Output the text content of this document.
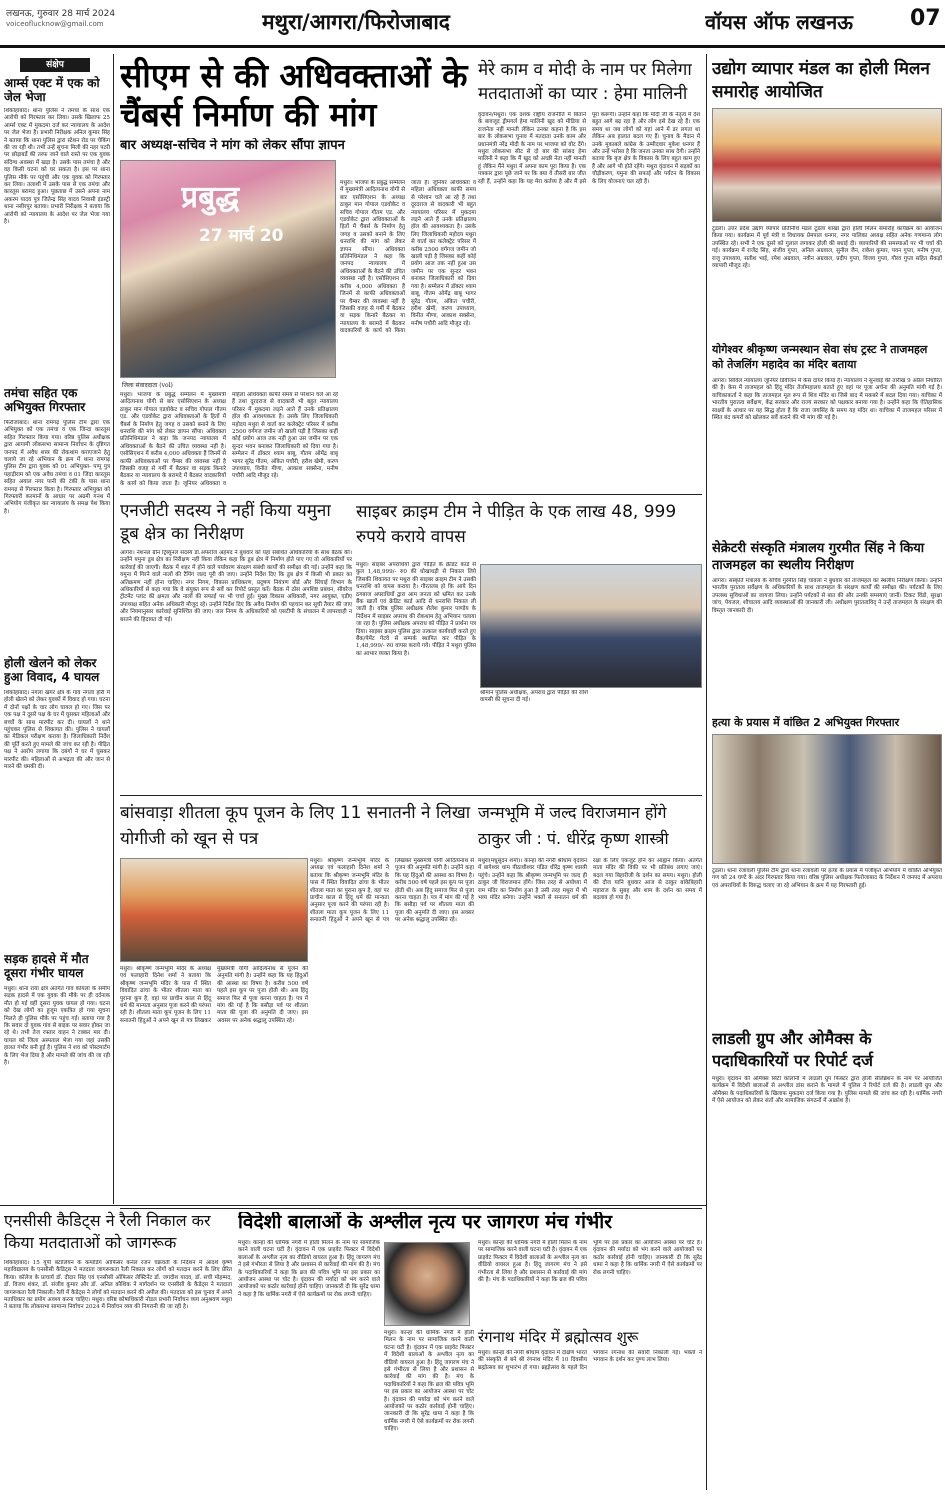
लखनऊ, गुरुवार 28 मार्च 2024
voiceoflucknow@gmail.com	मथुरा/आगरा/फिरोजाबाद	वॉयस ऑफ लखनऊ	07
संक्षेप
आर्म्स एक्ट में एक को जेल भेजा
शिकोहाबाद। थाना पुलिस ने तमंचा के साथ एक आरोपी को गिरफ्तार कर लिया। उसके खिलाफ 25 आर्म्स एक्ट में मुकदमा दर्ज कर न्यायालय के आदेश पर जेल भेजा है। प्रभारी निरीक्षक अनिल कुमार सिंह ने बताया कि थाना पुलिस द्वारा स्टेशन रोड पर चेकिंग की जा रही थी। तभी उन्हें सूचना मिली की नहर पटरी पर छोड़ाबर्डे की तरफ जाने वाले रास्ते पर एक युवक संदिग्ध अवस्था में खड़ा है। उसके पास तमंचा है और वह किसी घटना को घर सकता है। इस पर थाना पुलिस मौके पर पहुंची और एक युवक को गिरफ्तार कर लिया। तलाशी में उसके पास से एक तमंचा और कारतूस बरामद हुआ। पूछताछ में उसने अपना नाम अकरम यादव पुत्र जितेन्द्र सिंह यादव निवासी इंडस्ट्री थाना नसीरपुर बताया। प्रभारी निरीक्षक ने बताया कि आरोपी को न्यायालय के आदेश पर जेल भेजा गया है।
तमंचा सहित एक अभियुक्त गिरफ्तार
फिरोजाबाद। थाना रामगढ़ पुलिस टीम द्वारा एक अभियुक्त को एक तमंचा व एक जिन्दा कारतूस सहित गिरफ्तार किया गया। वरिष्ठ पुलिस अधीक्षक द्वारा आगामी लोकसभा सामान्य निर्वाचन के दृष्टिगत जनपद में अवैध शस्त्र की रोकथाम कराएजाने हेतु चलाये जा रहे अभियान के क्रम में थाना रामगढ़ पुलिस टीम द्वारा युवक को 01 अभियुक्त- पप्पू पुत्र पहाड़ीराम को एक अवैध तमंचा व 01 जिंदा कारतूस सहित अयाल नगर पानी की टंकी के पास थाना रामगढ़ से गिरफ्तार किया है। गिरफ्तार अभियुक्त को गिरफ्तारी करमानों के आधार पर अग्रमी गनथ में अभियोग पंजीकृत कर न्यायालय के समक्ष पेश किया है।
होली खेलने को लेकर हुआ विवाद, 4 घायल
शिकोहाबाद। नगला खंगर क्षेत्र के गांव नगला होरी में होली खेलने को लेकर युवकों में विवाद हो गया। घटना में दोनों पक्षों के चार लोग घायल हो गए। जिस पर एक पक्ष ने दूसरे पक्ष के घर में घुसकर महिलाओं और बच्चों के साथ मारपीट कर दी। घायलों ने थाने पहुंचकर पुलिस से शिकायत की। पुलिस ने घायलों का मेडिकल परीक्षण कराया है। जिलाधिकारी निर्देश की पूर्ति करते हुए मामले की जांच कर रही है। पीड़ित पक्ष ने आरोप लगाया कि दबंगों ने घर में घुसकर मारपीट की। महिलाओं से अभद्रता की और जान से मारने की धमकी दी।
सड़क हादसे में मौत दूसरा गंभीर घायल
मथुरा। थाना राया क्षेत्र अंतर्गत गांव कोयला के समीप सड़क हादसे में एक युवक की मौके पर ही दर्दनाक मौत हो गई वहीं दूसरा युवक घायल हो गया। घटना को देख लोगों का हुजूम एकत्रित हो गया सूचना मिलते ही पुलिस मौके पर पहुंच गई। बताया गया है कि सवार दो युवक गांव से बाइक पर सवार होकर जा रहे थे। तभी तेज रफ्तार वाहन ने टक्कर मार दी। घायल को जिला अस्पताल भेजा गया जहां उसकी हालत गंभीर बनी हुई है। पुलिस ने शव को पोस्टमार्टम के लिए भेज दिया है और मामले की जांच की जा रही है।
सीएम से की अधिवक्ताओं के चैंबर्स निर्माण की मांग
बार अध्यक्ष-सचिव ने मांग को लेकर सौंपा ज्ञापन
प्रबुद्ध
27 मार्च 20
जिला संवाददाता (vol)
मथुरा। भाजपा के प्रबुद्ध सम्मेलन में मुख्यमंत्री आदित्यनाथ योगी से बार एसोसिएशन के अध्यक्ष ठाकुर मान गोपाल एडवोकेट व सचिव गोपाल गौतम एड. और एडवोकेट द्वारा अधिवक्ताओं के हितों में चैंबर्स के निर्माण हेतु जगह व उसको बनाने के लिए धनराशि की मांग को लेकर ज्ञापन सौंपा। अधिवक्ता प्रतिनिधिमंडल ने कहा कि जनपद न्यायालय में अधिवक्ताओं के बैठने की उचित व्यवस्था नहीं है। एसोसिएशन में करीब 4,000 अधिवक्ता हैं जिनमें से काफी अधिवक्ताओं पर चैम्बर की व्यवस्था नहीं है जिसकी वजह से गर्मी में बैठकर वा सड़क किनारे बैठकर या न्यायालय के बरामदे में बैठकर वादकारियों के कार्य को किया जाता है। जूनियर अधिवक्ता व महिला अधिवक्ता काफी समय से परेशान चले आ रहे हैं तथा दूरदराज से वादकारी भी बहुत न्यायालय परिसर में मुकदमा लड़ने आते हैं उनके प्रतिक्षालय हॉल की आवश्यकता है। उसके लिए जिलाधिकारी महोदय मथुरा से वार्ता कर कलेक्ट्रेट परिसर में करीब 2500 वर्गगज जमीन जो खाली पड़ी है जिसका कहीं कोई प्रयोग आज तक नहीं हुआ उस जमीन पर एक सुन्दर भवन बनाकर जिलाधिकारी को दिया गया है। सम्मेलन में डॉक्टर श्याम बाबू, गौतम ओमेंद्र बाबू भागर सुरेंद्र गौतम, अंकित पचौरी, हरीश खेमी, करण उपाध्याय, विनीत मीणा, आकाश सक्सेना, मनीष पचौरी आदि मौजूद रहे।
मथुरा। भाजपा के प्रबुद्ध सम्मेलन में मुख्यमंत्री आदित्यनाथ योगी से बार एसोसिएशन के अध्यक्ष ठाकुर मान गोपाल एडवोकेट व सचिव गोपाल गौतम एड. और एडवोकेट द्वारा अधिवक्ताओं के हितों में चैंबर्स के निर्माण हेतु जगह व उसको बनाने के लिए धनराशि की मांग को लेकर ज्ञापन सौंपा। अधिवक्ता प्रतिनिधिमंडल ने कहा कि जनपद न्यायालय में अधिवक्ताओं के बैठने की उचित व्यवस्था नहीं है। एसोसिएशन में करीब 4,000 अधिवक्ता हैं जिनमें से काफी अधिवक्ताओं पर चैम्बर की व्यवस्था नहीं है जिसकी वजह से गर्मी में बैठकर वा सड़क किनारे बैठकर या न्यायालय के बरामदे में बैठकर वादकारियों के कार्य को किया जाता है। जूनियर अधिवक्ता व महिला अधिवक्ता काफी समय से परेशान चले आ रहे हैं तथा दूरदराज से वादकारी भी बहुत न्यायालय परिसर में मुकदमा लड़ने आते हैं उनके प्रतिक्षालय हॉल की आवश्यकता है। उसके लिए जिलाधिकारी महोदय मथुरा से वार्ता कर कलेक्ट्रेट परिसर में करीब 2500 वर्गगज जमीन जो खाली पड़ी है जिसका कहीं कोई प्रयोग आज तक नहीं हुआ उस जमीन पर एक सुन्दर भवन बनाकर जिलाधिकारी को दिया गया है। सम्मेलन में डॉक्टर श्याम बाबू, गौतम ओमेंद्र बाबू भागर सुरेंद्र गौतम, अंकित पचौरी, हरीश खेमी, करण उपाध्याय, विनीत मीणा, आकाश सक्सेना, मनीष पचौरी आदि मौजूद रहे।
मेरे काम व मोदी के नाम पर मिलेगा मतदाताओं का प्यार : हेमा मालिनी
वृंदावन/मथुरा। एक दशक राष्ट्रीय राजनीति में बिताने के बावजूद ड्रीमगर्ल हेमा मालिनी खुद को मीडिया से राजनेता नहीं मानती लेकिन उनका कहना है कि इस बार के लोकसभा चुनाव में मतदाता उनके काम और प्रधानमंत्री नरेंद्र मोदी के नाम पर भाजपा को वोट देंगे। मथुरा लोकसभा सीट से दो बार की सांसद हेमा मालिनी ने कहा कि मैं खुद को अच्छी नेता नहीं मानती हूं लेकिन मैंने मथुरा में अपना काम पूरा किया है। एक पत्रकार द्वारा पूछे जाने पर कि क्या वे तीसरी बार जीत रही हैं, उन्होंने कहा कि यह मेरा कर्तव्य है और मैं इसे पूरा करूंगी। उन्होंने कहा कि मोदी जी के नेतृत्व में देश बहुत आगे बढ़ रहा है और लोग इसे देख रहे हैं। एक समय था जब लोगों को यहां आने में डर लगता था लेकिन अब हालात बदल गए हैं। चुनाव के मैदान में उनके मुकाबले कांग्रेस के उम्मीदवार मुकेश धनगर हैं और उन्हें भरोसा है कि जनता उनका साथ देगी। उन्होंने बताया कि बृज क्षेत्र के विकास के लिए बहुत काम हुए हैं और आगे भी होते रहेंगे। मथुरा वृंदावन में सड़कों का चौड़ीकरण, यमुना की सफाई और पर्यटन के विकास के लिए योजनाएं चल रही हैं।
एनजीटी सदस्य ने नहीं किया यमुना डूब क्षेत्र का निरीक्षण
आगरा। नेशनल ग्रीन ट्रिब्यूनल सदस्य डॉ.अफरोज अहमद ने बुधवार को यहां संबंधित अधिकारियों के साथ बैठक की। उन्होंने यमुना डूब क्षेत्र का निरीक्षण नहीं किया लेकिन कहा कि डूब क्षेत्र में निर्माण होते पाए गए तो अधिकारियों पर कार्रवाई की जाएगी। बैठक में शहर में होने वाले पर्यावरण संरक्षण संबंधी कार्यों की समीक्षा की गई। उन्होंने कहा कि यमुना में गिरने वाले नालों की टैपिंग जल्द पूरी की जाए। उन्होंने निर्देश दिए कि डूब क्षेत्र में किसी भी प्रकार का अतिक्रमण नहीं होना चाहिए। नगर निगम, विकास प्राधिकरण, प्रदूषण नियंत्रण बोर्ड और सिंचाई विभाग के अधिकारियों से कहा गया कि वे संयुक्त रूप से सर्वे कर रिपोर्ट प्रस्तुत करें। बैठक में ठोस अपशिष्ट प्रबंधन, सीवरेज ट्रीटमेंट प्लांट की क्षमता और नालों की सफाई पर भी चर्चा हुई। मुख्य विकास अधिकारी, नगर आयुक्त, एडीए उपाध्यक्ष सहित अनेक अधिकारी मौजूद रहे। उन्होंने निर्देश दिए कि अवैध निर्माण की पहचान कर सूची तैयार की जाए और नियमानुसार कार्रवाई सुनिश्चित की जाए। जल निगम के अधिकारियों को एसटीपी के संचालन में लापरवाही न बरतने की हिदायत दी गई।
साइबर क्राइम टीम ने पीड़ित के एक लाख 48, 999 रुपये कराये वापस
मथुरा। साइबर अपराधियों द्वारा पीड़ित के क्रेडिट कार्ड से कुल 1,48,999/- रु0 की धोखाधड़ी से निकाल लिये जिसकी शिकायत पर मथुरा की साइबर क्राइम टीम ने उसकी धनराशि को वापस कराया है। गौरतलब हो कि आये दिन ठगबाज अपराधियों द्वारा आम जनता को भ्रमित कर उनके बैंक खातों एवं क्रेडिट कार्ड आदि से धनराशि निकाल ली जाती है। वरिष्ठ पुलिस अधीक्षक शैलेश कुमार पाण्डेय के निर्देशन में साइबर अपराध की रोकथाम हेतु अभियान चलाया जा रहा है। पुलिस अधीक्षक अपराध को पीड़ित ने प्रार्थना पत्र दिया। साइबर क्राइम पुलिस द्वारा तत्काल कार्यवाही करते हुए बैंक/पेमेंट गेटवे से सम्पर्क स्थापित कर पीड़ित के 1,48,999/- रु0 वापस कराये गये। पीड़ित ने मथुरा पुलिस का आभार व्यक्त किया है।
श्रीमान पुलिस अधीक्षक, अपराध द्वारा पीड़ित की राशि वापसी की सूचना दी गई।
बांसवाड़ा शीतला कूप पूजन के लिए 11 सनातनी ने लिखा योगीजी को खून से पत्र
मथुरा। श्रीकृष्ण जन्मभूमि मंदिर के अध्यक्ष एवं फलाहारी दिनेश शर्मा ने बताया कि श्रीकृष्ण जन्मभूमि मंदिर के पास में स्थित विवादित ढांचा के भीतर शीतला माता का पुराना कूप है, वहां पर प्राचीन काल से हिंदू धर्म की मान्यता अनुसार पूजा करने की परंपरा रही है। शीतला माता कूप पूजन के लिए 11 सनातनी हिंदुओं ने अपने खून से पत्र लिखकर मुख्यमंत्री योगी आदित्यनाथ से पूजन की अनुमति मांगी है। उन्होंने कहा कि यह हिंदुओं की आस्था का विषय है। करीब 500 वर्ष पहले इस कूप पर पूजा होती थी। अब हिंदू समाज फिर से पूजा करना चाहता है। पत्र में मांग की गई है कि बसौड़ा पर्व पर शीतला माता की पूजा की अनुमति दी जाए। इस अवसर पर अनेक श्रद्धालु उपस्थित रहे।
मथुरा। श्रीकृष्ण जन्मभूमि मंदिर के अध्यक्ष एवं फलाहारी दिनेश शर्मा ने बताया कि श्रीकृष्ण जन्मभूमि मंदिर के पास में स्थित विवादित ढांचा के भीतर शीतला माता का पुराना कूप है, वहां पर प्राचीन काल से हिंदू धर्म की मान्यता अनुसार पूजा करने की परंपरा रही है। शीतला माता कूप पूजन के लिए 11 सनातनी हिंदुओं ने अपने खून से पत्र लिखकर मुख्यमंत्री योगी आदित्यनाथ से पूजन की अनुमति मांगी है। उन्होंने कहा कि यह हिंदुओं की आस्था का विषय है। करीब 500 वर्ष पहले इस कूप पर पूजा होती थी। अब हिंदू समाज फिर से पूजा करना चाहता है। पत्र में मांग की गई है कि बसौड़ा पर्व पर शीतला माता की पूजा की अनुमति दी जाए। इस अवसर पर अनेक श्रद्धालु उपस्थित रहे।
जन्मभूमि में जल्द विराजमान होंगे ठाकुर जी : पं. धीरेंद्र कृष्ण शास्त्री
मथुरा(मधुसूदन शर्मा)। कान्हा की नगरी श्रीधाम वृंदावन में बागेश्वर धाम पीठाधीश्वर पंडित धीरेंद्र कृष्ण शास्त्री पहुंचे। उन्होंने कहा कि श्रीकृष्ण जन्मभूमि पर जल्द ही ठाकुर जी विराजमान होंगे। जिस तरह से अयोध्या में राम मंदिर का निर्माण हुआ है उसी तरह मथुरा में भी भव्य मंदिर बनेगा। उन्होंने भक्तों से सनातन धर्म की रक्षा के लिए एकजुट होने का आह्वान किया। अंतर्गत माता मंदिर की विकी पर भी प्रतिबंध लगाए जाएं। बदल गया बिहारीजी के दर्शन का समय। मथुरा। होली की दौज यानि बुधवार आज से ठाकुर बांकेबिहारी महाराज के सुबह और शाम के दर्शन का समय में बदलाव हो गया है।
एनसीसी कैडिट्स ने रैली निकाल कर किया मतदाताओं को जागरूक
शिकोहाबाद। 15 यूपी बटालियन के कमांडिंग ऑफिसर कर्नल रंजन चक्रवर्ती के निर्देशन में आदर्श कृष्ण महाविद्यालय के एनसीसी कैडिट्स ने मतदाता जागरूकता रैली निकाल कर लोगों को मतदान करने के लिए प्रेरित किया। कॉलेज के प्राचार्य डॉ. दीदार सिंह एवं एनसीसी ऑफिसर लेफ्टिनेंट डॉ. जगदीश यादव, डॉ. सची मोहम्मद, डॉ. विजय शंकर, डॉ. संजीव कुमार और डॉ. अनिल कौशिक ने मार्गदर्शन पर एनसीसी के कैडेट्स ने मतदाता जागरूकता रैली निकाली। रैली में कैडेट्स ने लोगों को मतदान करने की अपील की। मतदाता को इस चुनाव में अपने मताधिकार का प्रयोग अवश्य करना चाहिए। मथुरा। वरिष्ठ कोषाधिकारी नोडल प्रभारी निर्वाचन व्यय अनुश्रवण मथुरा ने बताया कि लोकसभा सामान्य निर्वाचन 2024 में निर्वाचन व्यय की निगरानी की जा रही है।
विदेशी बालाओं के अश्लील नृत्य पर जागरण मंच गंभीर
मथुरा। कान्हा की धार्मिक नगरी में होली मिलन के नाम पर सामाजिक करने वाली घटना घटी है। वृंदावन में एक प्राइवेट फिक्टर में विदेशी बालाओं के अश्लील नृत्य का वीडियो वायरल हुआ है। हिंदू जागरण मंच ने इसे गंभीरता से लिया है और प्रशासन से कार्रवाई की मांग की है। मंच के पदाधिकारियों ने कहा कि ब्रज की पवित्र भूमि पर इस प्रकार का आयोजन आस्था पर चोट है। वृंदावन की मर्यादा को भंग करने वाले आयोजकों पर कठोर कार्रवाई होनी चाहिए। जानकारी दी कि सुरेंद्र धामा ने कहा है कि धार्मिक नगरी में ऐसे कार्यक्रमों पर रोक लगनी चाहिए।
मथुरा। कान्हा की धार्मिक नगरी में होली मिलन के नाम पर सामाजिक करने वाली घटना घटी है। वृंदावन में एक प्राइवेट फिक्टर में विदेशी बालाओं के अश्लील नृत्य का वीडियो वायरल हुआ है। हिंदू जागरण मंच ने इसे गंभीरता से लिया है और प्रशासन से कार्रवाई की मांग की है। मंच के पदाधिकारियों ने कहा कि ब्रज की पवित्र भूमि पर इस प्रकार का आयोजन आस्था पर चोट है। वृंदावन की मर्यादा को भंग करने वाले आयोजकों पर कठोर कार्रवाई होनी चाहिए। जानकारी दी कि सुरेंद्र धामा ने कहा है कि धार्मिक नगरी में ऐसे कार्यक्रमों पर रोक लगनी चाहिए।
मथुरा। कान्हा की धार्मिक नगरी में होली मिलन के नाम पर सामाजिक करने वाली घटना घटी है। वृंदावन में एक प्राइवेट फिक्टर में विदेशी बालाओं के अश्लील नृत्य का वीडियो वायरल हुआ है। हिंदू जागरण मंच ने इसे गंभीरता से लिया है और प्रशासन से कार्रवाई की मांग की है। मंच के पदाधिकारियों ने कहा कि ब्रज की पवित्र भूमि पर इस प्रकार का आयोजन आस्था पर चोट है। वृंदावन की मर्यादा को भंग करने वाले आयोजकों पर कठोर कार्रवाई होनी चाहिए। जानकारी दी कि सुरेंद्र धामा ने कहा है कि धार्मिक नगरी में ऐसे कार्यक्रमों पर रोक लगनी चाहिए।
रंगनाथ मंदिर में ब्रह्मोत्सव शुरू
मथुरा। कान्हा की नगरी श्रीधाम वृंदावन में दक्षिण भारत की संस्कृति से बने श्री रंगनाथ मंदिर में 10 दिवसीय ब्रह्मोत्सव का शुभारंभ हो गया। ब्रह्मोत्सव के पहले दिन भगवान रंगनाथ की सवारी निकाली गई। भक्तों ने भगवान के दर्शन कर पुण्य लाभ लिया।
उद्योग व्यापार मंडल का होली मिलन समारोह आयोजित
टूंडला। उत्तर प्रदेश उद्योग व्यापार प्रतिनिधि मंडल टूंडला शाखा द्वारा होली मिलन समारोह कार्यक्रम का आयोजन किया गया। कार्यक्रम में पूर्व मंत्री व विधायक प्रेमपाल धनगर, नगर पालिका अध्यक्ष सहित अनेक गणमान्य लोग उपस्थित रहे। सभी ने एक दूसरे को गुलाल लगाकर होली की बधाई दी। व्यापारियों की समस्याओं पर भी चर्चा की गई। कार्यक्रम में राजेंद्र सिंह, संजीव गुप्ता, अनिल अग्रवाल, सुनील जैन, राकेश कुमार, पवन गुप्ता, मनीष गुप्ता, राजू उपाध्याय, सतीश भाई, रमेश अग्रवाल, नवीन अग्रवाल, प्रदीप गुप्ता, विजय गुप्ता, गौरव गुप्ता सहित सैकड़ों व्यापारी मौजूद रहे।
योगेश्वर श्रीकृष्ण जन्मस्थान सेवा संघ ट्रस्ट ने ताजमहल को तेजलिंग महादेव का मंदिर बताया
आगरा। सिविल न्यायालय जूनियर डिवीजन में केस दायर किया है। न्यायालय ने सुनवाई की तारीख 9 अप्रैल निर्धारित की है। केस में ताजमहल को हिंदू मंदिर तेजोमहालय बताते हुए वहां पर पूजा अर्चना की अनुमति मांगी गई है। याचिकाकर्ता ने कहा कि ताजमहल मूल रूप से शिव मंदिर था जिसे बाद में मकबरे में बदल दिया गया। याचिका में भारतीय पुरातत्व सर्वेक्षण, केंद्र सरकार और राज्य सरकार को पक्षकार बनाया गया है। उन्होंने कहा कि ऐतिहासिक साक्ष्यों के आधार पर यह सिद्ध होता है कि राजा जयसिंह के समय यह मंदिर था। याचिका में ताजमहल परिसर में स्थित बंद कमरों को खोलकर सर्वे कराने की भी मांग की गई है।
सेक्रेटरी संस्कृति मंत्रालय गुरमीत सिंह ने किया ताजमहल का स्थलीय निरीक्षण
आगरा। संस्कृति मंत्रालय के सचिव गुरमीत सिंह चावला ने बुधवार को ताजमहल का स्थलीय निरीक्षण किया। उन्होंने भारतीय पुरातत्व सर्वेक्षण के अधिकारियों के साथ ताजमहल के संरक्षण कार्यों की समीक्षा की। पर्यटकों के लिए उपलब्ध सुविधाओं का जायजा लिया। उन्होंने पर्यटकों से बात की और उनकी समस्याएं जानीं। टिकट विंडो, सुरक्षा जांच, पेयजल, शौचालय आदि व्यवस्थाओं की जानकारी ली। अधीक्षण पुरातत्वविद् ने उन्हें ताजमहल के संरक्षण की विस्तृत जानकारी दी।
हत्या के प्रयास में वांछित 2 अभियुक्त गिरफ्तार
टूंडला। थाना रजावली पुलिस टीम द्वारा थाना रजावली पर हत्या के प्रयास में पंजीकृत अभियोग में वांछित अभियुक्त गण को 24 घण्टे के अंदर गिरफ्तार किया गया। वरिष्ठ पुलिस अधीक्षक फिरोजाबाद के निर्देशन में जनपद में अपराध एवं अपराधियों के विरुद्ध चलाए जा रहे अभियान के क्रम में यह गिरफ्तारी हुई।
लाडली ग्रुप और ओमैक्स के पदाधिकारियों पर रिपोर्ट दर्ज
मथुरा। वृंदावन की ओमैक्स सिटी कॉलोनी में लाडली ग्रुप फिक्टर द्वारा होली सेलिब्रेशन के नाम पर आयोजित कार्यक्रम में विदेशी बालाओं से अश्लील डांस कराने के मामले में पुलिस ने रिपोर्ट दर्ज की है। लाडली ग्रुप और ओमैक्स के पदाधिकारियों के खिलाफ मुकदमा दर्ज किया गया है। पुलिस मामले की जांच कर रही है। धार्मिक नगरी में ऐसे आयोजन को लेकर संतों और सामाजिक संगठनों में आक्रोश है।
